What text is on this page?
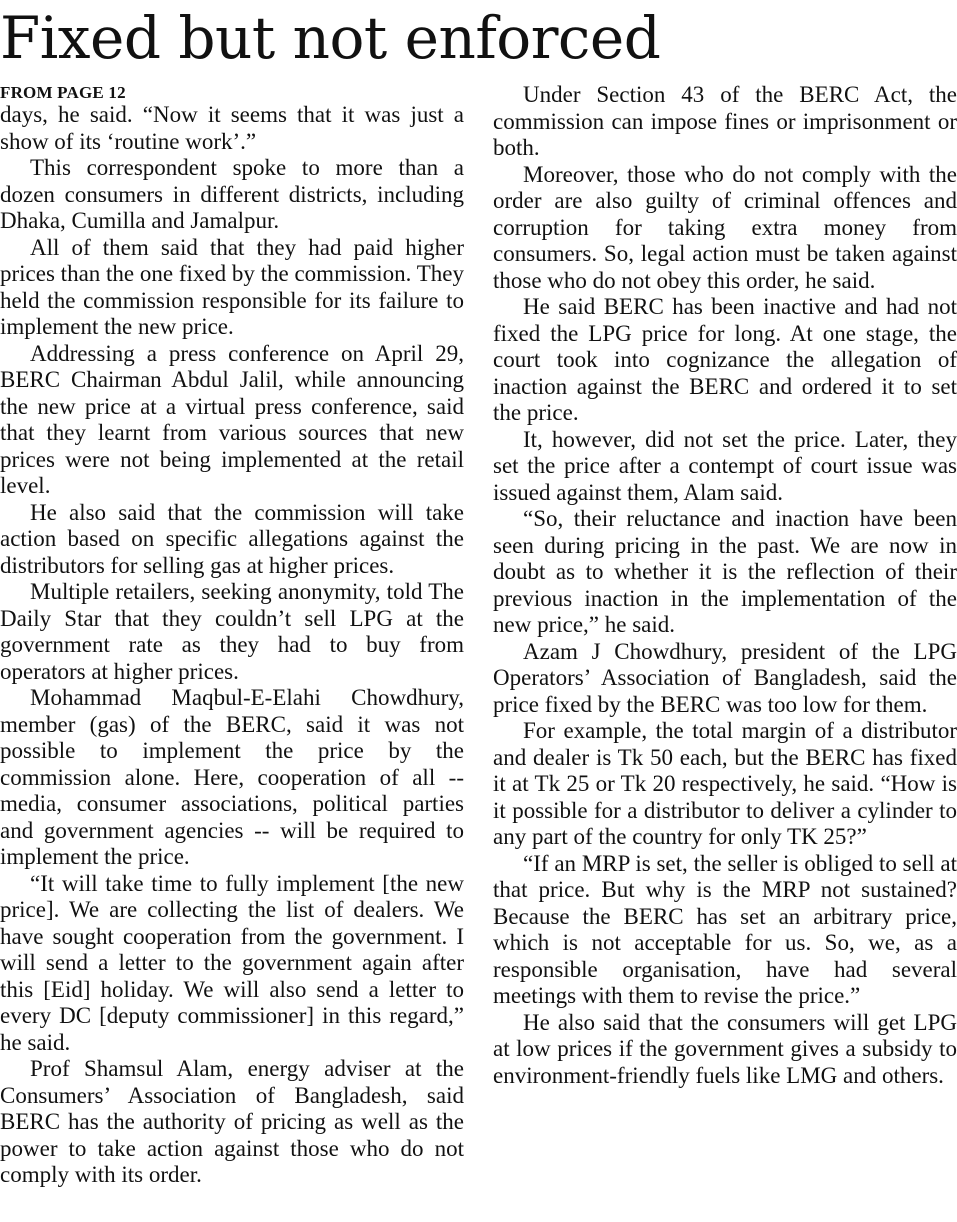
Fixed but not enforced
FROM PAGE 12

days, he said. “Now it seems that it was just a show of its ‘routine work’.”

This correspondent spoke to more than a dozen consumers in different districts, including Dhaka, Cumilla and Jamalpur.

All of them said that they had paid higher prices than the one fixed by the commission. They held the commission responsible for its failure to implement the new price.

Addressing a press conference on April 29, BERC Chairman Abdul Jalil, while announcing the new price at a virtual press conference, said that they learnt from various sources that new prices were not being implemented at the retail level.

He also said that the commission will take action based on specific allegations against the distributors for selling gas at higher prices.

Multiple retailers, seeking anonymity, told The Daily Star that they couldn’t sell LPG at the government rate as they had to buy from operators at higher prices.

Mohammad Maqbul-E-Elahi Chowdhury, member (gas) of the BERC, said it was not possible to implement the price by the commission alone. Here, cooperation of all -- media, consumer associations, political parties and government agencies -- will be required to implement the price.

“It will take time to fully implement [the new price]. We are collecting the list of dealers. We have sought cooperation from the government. I will send a letter to the government again after this [Eid] holiday. We will also send a letter to every DC [deputy commissioner] in this regard,” he said.

Prof Shamsul Alam, energy adviser at the Consumers’ Association of Bangladesh, said BERC has the authority of pricing as well as the power to take action against those who do not comply with its order.

Under Section 43 of the BERC Act, the commission can impose fines or imprisonment or both.

Moreover, those who do not comply with the order are also guilty of criminal offences and corruption for taking extra money from consumers. So, legal action must be taken against those who do not obey this order, he said.

He said BERC has been inactive and had not fixed the LPG price for long. At one stage, the court took into cognizance the allegation of inaction against the BERC and ordered it to set the price.

It, however, did not set the price. Later, they set the price after a contempt of court issue was issued against them, Alam said.

“So, their reluctance and inaction have been seen during pricing in the past. We are now in doubt as to whether it is the reflection of their previous inaction in the implementation of the new price,” he said.

Azam J Chowdhury, president of the LPG Operators’ Association of Bangladesh, said the price fixed by the BERC was too low for them.

For example, the total margin of a distributor and dealer is Tk 50 each, but the BERC has fixed it at Tk 25 or Tk 20 respectively, he said. “How is it possible for a distributor to deliver a cylinder to any part of the country for only TK 25?”

“If an MRP is set, the seller is obliged to sell at that price. But why is the MRP not sustained? Because the BERC has set an arbitrary price, which is not acceptable for us. So, we, as a responsible organisation, have had several meetings with them to revise the price.”

He also said that the consumers will get LPG at low prices if the government gives a subsidy to environment-friendly fuels like LMG and others.
